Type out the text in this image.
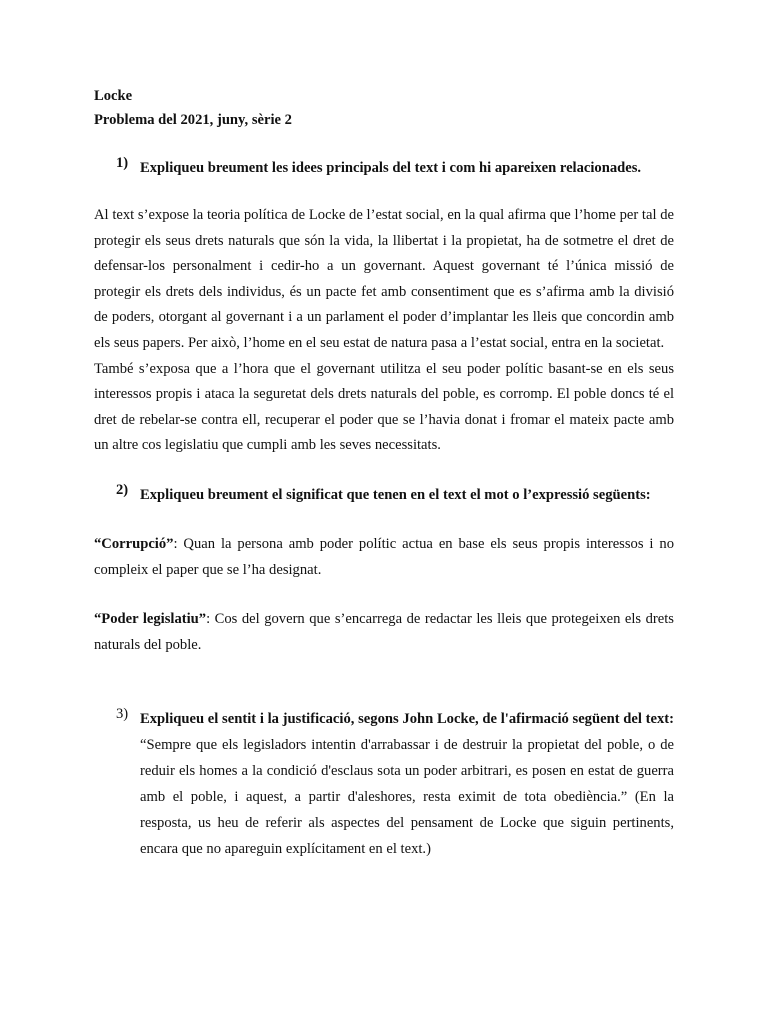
Locke

Problema del 2021, juny, sèrie 2

1) Expliqueu breument les idees principals del text i com hi apareixen relacionades.

Al text s’expose la teoria política de Locke de l’estat social, en la qual afirma que l’home per tal de protegir els seus drets naturals que són la vida, la llibertat i la propietat, ha de sotmetre el dret de defensar-los personalment i cedir-ho a un governant. Aquest governant té l’única missió de protegir els drets dels individus, és un pacte fet amb consentiment que es s’afirma amb la divisió de poders, otorgant al governant i a un parlament el poder d’implantar les lleis que concordin amb els seus papers. Per això, l’home en el seu estat de natura pasa a l’estat social, entra en la societat.

També s’exposa que a l’hora que el governant utilitza el seu poder polític basant-se en els seus interessos propis i ataca la seguretat dels drets naturals del poble, es corromp. El poble doncs té el dret de rebelar-se contra ell, recuperar el poder que se l’havia donat i fromar el mateix pacte amb un altre cos legislatiu que cumpli amb les seves necessitats.

2) Expliqueu breument el significat que tenen en el text el mot o l’expressió següents:

“Corrupció”: Quan la persona amb poder polític actua en base els seus propis interessos i no compleix el paper que se l’ha designat.

“Poder legislatiu”: Cos del govern que s’encarrega de redactar les lleis que protegeixen els drets naturals del poble.

3) Expliqueu el sentit i la justificació, segons John Locke, de l'afirmació següent del text: “Sempre que els legisladors intentin d'arrabassar i de destruir la propietat del poble, o de reduir els homes a la condició d'esclaus sota un poder arbitrari, es posen en estat de guerra amb el poble, i aquest, a partir d'aleshores, resta eximit de tota obediència.” (En la resposta, us heu de referir als aspectes del pensament de Locke que siguin pertinents, encara que no apareguin explícitament en el text.)
